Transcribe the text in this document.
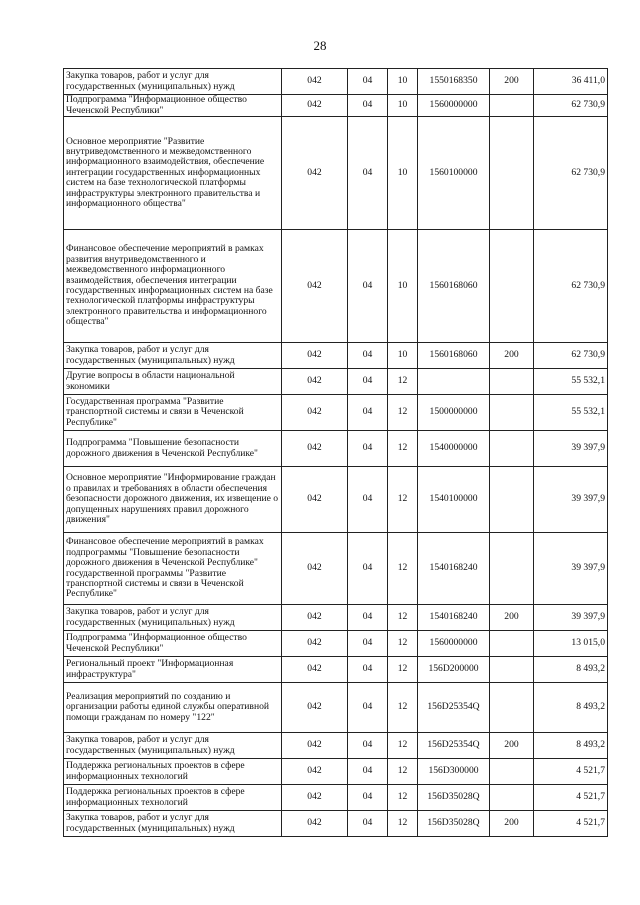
28
Закупка товаров, работ и услуг для государственных (муниципальных) нужд	042	04	10	1550168350	200	36 411,0
Подпрограмма "Информационное общество Чеченской Республики"	042	04	10	1560000000		62 730,9
Основное мероприятие "Развитие внутриведомственного и межведомственного информационного взаимодействия, обеспечение интеграции государственных информационных систем на базе технологической платформы инфраструктуры электронного правительства и информационного общества"	042	04	10	1560100000		62 730,9
Финансовое обеспечение мероприятий в рамках развития внутриведомственного и межведомственного информационного взаимодействия, обеспечения интеграции государственных информационных систем на базе технологической платформы инфраструктуры электронного правительства и информационного общества"	042	04	10	1560168060		62 730,9
Закупка товаров, работ и услуг для государственных (муниципальных) нужд	042	04	10	1560168060	200	62 730,9
Другие вопросы в области национальной экономики	042	04	12			55 532,1
Государственная программа "Развитие транспортной системы и связи в Чеченской Республике"	042	04	12	1500000000		55 532,1
Подпрограмма "Повышение безопасности дорожного движения в Чеченской Республике"	042	04	12	1540000000		39 397,9
Основное мероприятие "Информирование граждан о правилах и требованиях в области обеспечения безопасности дорожного движения, их извещение о допущенных нарушениях правил дорожного движения"	042	04	12	1540100000		39 397,9
Финансовое обеспечение мероприятий в рамках подпрограммы "Повышение безопасности дорожного движения в Чеченской Республике" государственной программы "Развитие транспортной системы и связи в Чеченской Республике"	042	04	12	1540168240		39 397,9
Закупка товаров, работ и услуг для государственных (муниципальных) нужд	042	04	12	1540168240	200	39 397,9
Подпрограмма "Информационное общество Чеченской Республики"	042	04	12	1560000000		13 015,0
Региональный проект "Информационная инфраструктура"	042	04	12	156D200000		8 493,2
Реализация мероприятий по созданию и организации работы единой службы оперативной помощи гражданам по номеру "122"	042	04	12	156D25354Q		8 493,2
Закупка товаров, работ и услуг для государственных (муниципальных) нужд	042	04	12	156D25354Q	200	8 493,2
Поддержка региональных проектов в сфере информационных технологий	042	04	12	156D300000		4 521,7
Поддержка региональных проектов в сфере информационных технологий	042	04	12	156D35028Q		4 521,7
Закупка товаров, работ и услуг для государственных (муниципальных) нужд	042	04	12	156D35028Q	200	4 521,7
